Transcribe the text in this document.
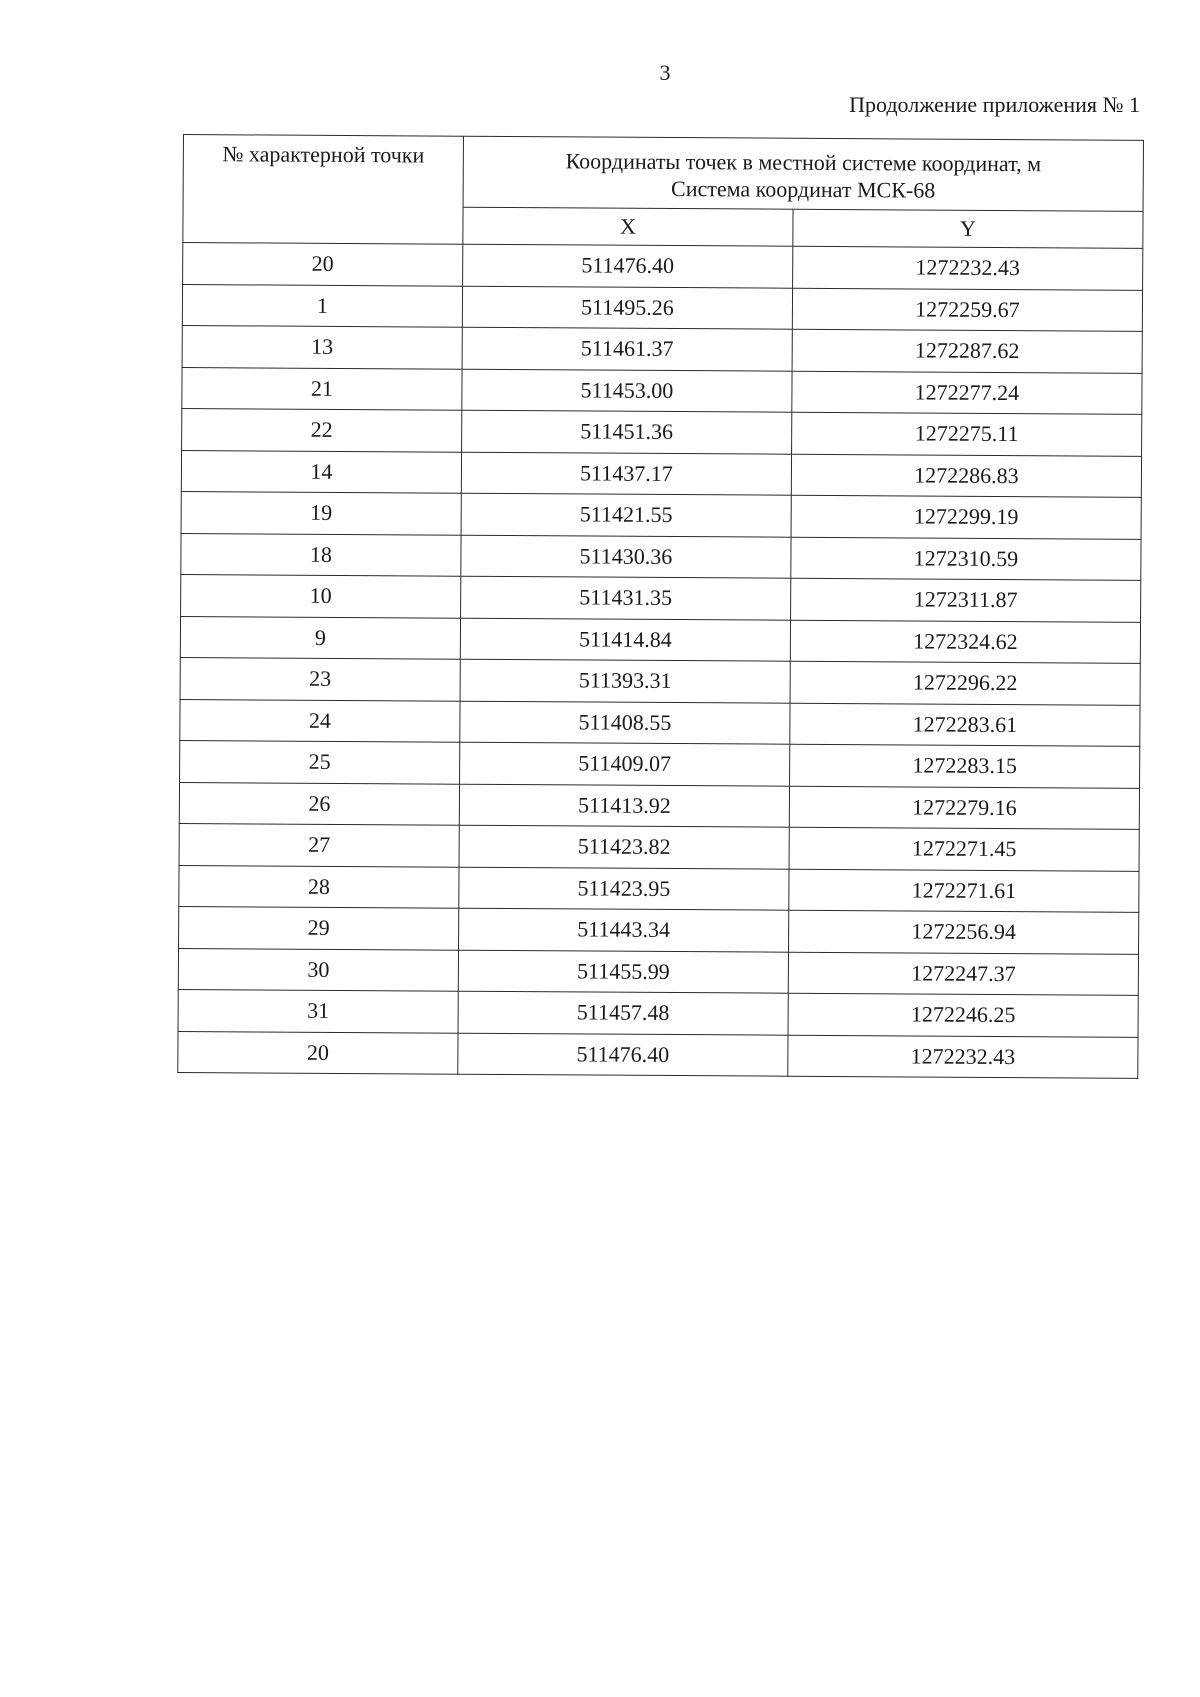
3
Продолжение приложения № 1
№ характерной точки	Координаты точек в местной системе координат, м
Система координат МСК-68	

	X	Y
20	511476.40	1272232.43
1	511495.26	1272259.67
13	511461.37	1272287.62
21	511453.00	1272277.24
22	511451.36	1272275.11
14	511437.17	1272286.83
19	511421.55	1272299.19
18	511430.36	1272310.59
10	511431.35	1272311.87
9	511414.84	1272324.62
23	511393.31	1272296.22
24	511408.55	1272283.61
25	511409.07	1272283.15
26	511413.92	1272279.16
27	511423.82	1272271.45
28	511423.95	1272271.61
29	511443.34	1272256.94
30	511455.99	1272247.37
31	511457.48	1272246.25
20	511476.40	1272232.43
